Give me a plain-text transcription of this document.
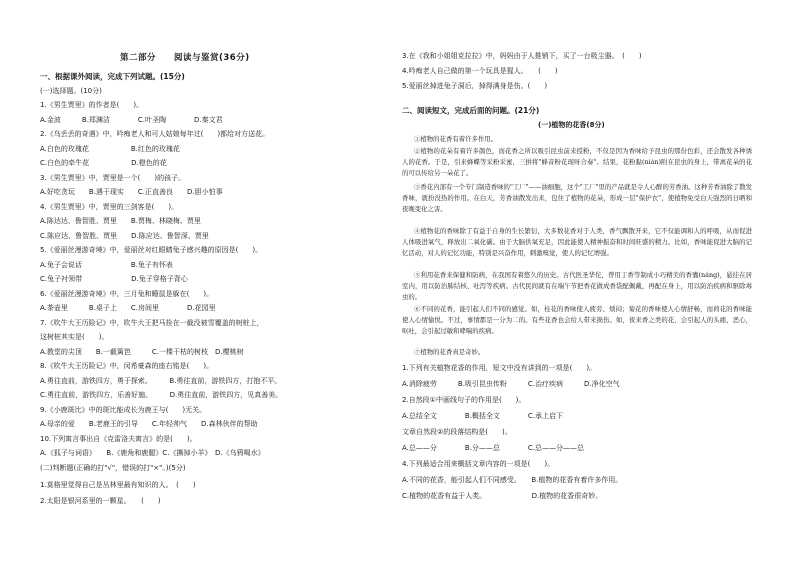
第二部分　　阅读与鉴赏(36分)
一、根据课外阅读，完成下列试题。(15分)
(一)选择题。(10分)
1.《男生贾里》的作者是(　　)。
A.金波　　　B.郑渊洁　　　　C.叶圣陶　　　　D.秦文君
2.《乌丢丢的奇遇》中，吟痴老人和可人姑娘每年过(　　)都给对方送花。
A.白色的玫瑰花　　　　　　B.红色的玫瑰花
C.白色的牵牛花　　　　　　D.橙色的花
3.《男生贾里》中，贾里是一个(　　)的孩子。
A.好吃贪玩　　B.遇干现实　　C.正直善良　　D.胆小怕事
4.《男生贾里》中，贾里的三剑客是(　　)。
A.陈达达、鲁智胜、贾里　　B.贾梅、林晓梅、贾里
C.陈应达、鲁智胜、贾里　　D.陈应达、鲁智深、贾里
5.《爱丽丝漫游奇境》中，爱丽丝对红眼睛兔子感兴趣的原因是(　　)。
A.兔子会说话　　　　　　　B.兔子有怀表
C.兔子衬领带　　　　　　　D.兔子穿格子背心
6.《爱丽丝漫游奇境》中，三月兔和睡鼠是躲在(　　)。
A.茶壶里　　　B.桌子上　　C.房间里　　　　D.花园里
7.《吹牛大王历险记》中，吹牛大王把马拴在一截没被雪覆盖的树桩上，
这树桩其实是(　　)。
A.教堂的尖顶　　B.一截篱笆　　　C.一棵干枯的树枝　D.樱桃树
8.《吹牛大王历险记》中，闵希豪森的座右铭是(　　)。
A.勇往直前，游铁四方，勇于探索。　　　B.勇往直前，游铁四方，打抱不平。
C.勇往直前，游铁四方，乐善好施。　　　D.勇往直前，游铁四方，见真善美。
9.《小鹿斑比》中的斑比能成长为鹿王与(　　)无关。
A.母亲的爱　　B.老鹿王的引导　　C.年轻帅气　　D.森林伙伴的帮助
10.下列寓言事出自《克雷洛夫寓言》的是(　　)。
A.《狐子与词语》　　B.《鹿角和鹿腿》C.《撕掉小羊》　D.《乌鸦喝水》
(二)判断题(正确的打"√"，错误的打"×"。)(5分)
1.莫格里觉得自己是丛林里最有知识的人。　(　　)
2.太阳是银河系里的一颗星。　　(　　)
3.在《我和小姐姐克拉拉》中，妈妈由于人推销下，买了一台吸尘器。　(　　)
4.吟痴老人自己做的第一个玩具是猩人。　　(　　)
5.爱丽丝掉进兔子洞后，掉得满身是伤。(　　)
二、阅读短文，完成后面的问题。(21分)
(一)植物的花香(8分)
①植物的花香有着许多作用。
②植物的花朵有着许多颜色，而花香之所以吸引昆虫前来授粉，不仅是因为香味给予昆虫的那份色彩，还会散发各种诱人的花香。于是，引来蜂蝶等采粉采蜜，三拼将"蜂音粉花现呀合奏"。结果，花粉黏(nián)附在昆虫的身上，带离花朵的花的可以传给另一朵花了。
③香花内部有一个专门制造香味的"工厂"——油细胞，这个"工厂"里的产品就是令人心醉的芳香油。这种芳香油除了散发香味，就扮没热的作用。在白天，芳香油散发出来，包住了植物的花朵，形成一层"保护衣"，使植物免受白天强烈的日晒和夜晚变化之害。
④植物花的香味除了有益于自身的生长繁衍，大多数花香对于人类，香气飘散开来，它不仅能调和人的呼吸，从而促进人体吸进氧气，释放出二氧化碳。由于大脑供氧充足，因此能使人精神振奋和时间旺盛的精力。比如，香味能促进大脑的记忆活动，对人的记忆功能，特别是兴奋作用，刺激嗅觉，使人的记忆增强。
⑤利用花香来保健和防病，在我国有着悠久的历史。古代医圣华佗，曾用丁香等制成小巧精美的香囊(náng)，悬挂在居室内，用以防治肺结核、吐泻等疾病。古代民间就有在端午节把香花做成香袋配佩戴，再配在身上，用以防治疾病和驱除毒虫的。
⑥不同的花香，能引起人们不同的感觉。如，桂花的香味使人疲劳、烦闷；菊花的香味使人心情舒畅，而荷花的香味能使人心情愉悦。不过，事情都是一分为二的。有些花香也会给人带来损伤。如，夜来香之类的花，会引起人的头痛、恶心，呕吐，会引起过敏和哮喘的疾病。
⑦植物的花香真是奇妙。
1.下列有关植物花香的作用，短文中没有讲到的一项是(　　)。
A.消除疲劳　　　B.吸引昆虫传粉　　　C.治疗疾病　　　D.净化空气
2.自然段①中画线句子的作用是(　　)。
A.总结全文　　　　B.概括全文　　　　C.承上启下
文章自然段②的段落结构是(　　)。
A.总——分　　　　B.分——总　　　　C.总——分——总
4.下列最适合用来概括文章内容的一项是(　　)。
A.不同的花香，能引起人们不同感受。　　B.植物的花香有着许多作用。
C.植物的花香有益于人类。　　　　　　　D.植物的花香很奇妙。
